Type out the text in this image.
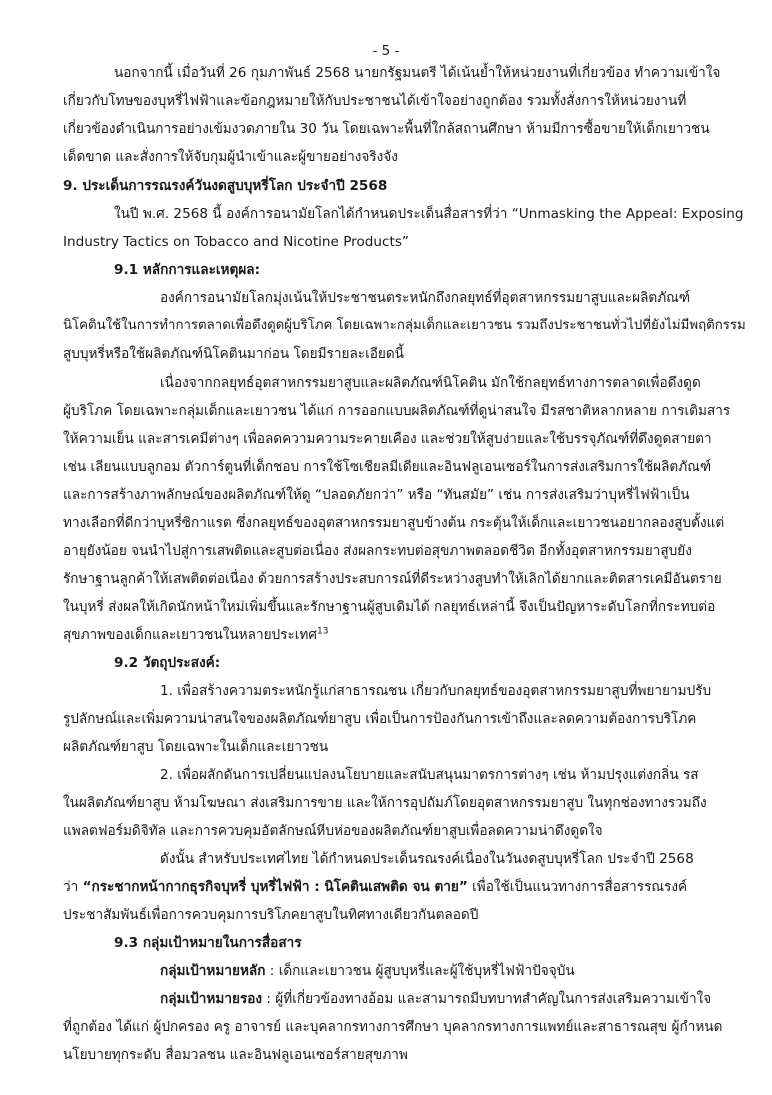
- 5 -
นอกจากนี้ เมื่อวันที่ 26 กุมภาพันธ์ 2568 นายกรัฐมนตรี ได้เน้นย้ำให้หน่วยงานที่เกี่ยวข้อง ทำความเข้าใจ
เกี่ยวกับโทษของบุหรี่ไฟฟ้าและข้อกฎหมายให้กับประชาชนได้เข้าใจอย่างถูกต้อง รวมทั้งสั่งการให้หน่วยงานที่
เกี่ยวข้องดำเนินการอย่างเข้มงวดภายใน 30 วัน โดยเฉพาะพื้นที่ใกล้สถานศึกษา ห้ามมีการซื้อขายให้เด็กเยาวชน
เด็ดขาด และสั่งการให้จับกุมผู้นำเข้าและผู้ขายอย่างจริงจัง
9. ประเด็นการรณรงค์วันงดสูบบุหรี่โลก ประจำปี 2568
ในปี พ.ศ. 2568 นี้ องค์การอนามัยโลกได้กำหนดประเด็นสื่อสารที่ว่า “Unmasking the Appeal: Exposing
Industry Tactics on Tobacco and Nicotine Products”
9.1 หลักการและเหตุผล:
องค์การอนามัยโลกมุ่งเน้นให้ประชาชนตระหนักถึงกลยุทธ์ที่อุตสาหกรรมยาสูบและผลิตภัณฑ์
นิโคตินใช้ในการทำการตลาดเพื่อดึงดูดผู้บริโภค โดยเฉพาะกลุ่มเด็กและเยาวชน รวมถึงประชาชนทั่วไปที่ยังไม่มีพฤติกรรม
สูบบุหรี่หรือใช้ผลิตภัณฑ์นิโคตินมาก่อน โดยมีรายละเอียดนี้
เนื่องจากกลยุทธ์อุตสาหกรรมยาสูบและผลิตภัณฑ์นิโคติน มักใช้กลยุทธ์ทางการตลาดเพื่อดึงดูด
ผู้บริโภค โดยเฉพาะกลุ่มเด็กและเยาวชน ได้แก่ การออกแบบผลิตภัณฑ์ที่ดูน่าสนใจ มีรสชาติหลากหลาย การเติมสาร
ให้ความเย็น และสารเคมีต่างๆ เพื่อลดความความระคายเคือง และช่วยให้สูบง่ายและใช้บรรจุภัณฑ์ที่ดึงดูดสายตา
เช่น เลียนแบบลูกอม ตัวการ์ตูนที่เด็กชอบ การใช้โซเชียลมีเดียและอินฟลูเอนเซอร์ในการส่งเสริมการใช้ผลิตภัณฑ์
และการสร้างภาพลักษณ์ของผลิตภัณฑ์ให้ดู “ปลอดภัยกว่า” หรือ “ทันสมัย” เช่น การส่งเสริมว่าบุหรี่ไฟฟ้าเป็น
ทางเลือกที่ดีกว่าบุหรี่ซิกาแรต ซึ่งกลยุทธ์ของอุตสาหกรรมยาสูบข้างต้น กระตุ้นให้เด็กและเยาวชนอยากลองสูบตั้งแต่
อายุยังน้อย จนนำไปสู่การเสพติดและสูบต่อเนื่อง ส่งผลกระทบต่อสุขภาพตลอดชีวิต อีกทั้งอุตสาหกรรมยาสูบยัง
รักษาฐานลูกค้าให้เสพติดต่อเนื่อง ด้วยการสร้างประสบการณ์ที่ดีระหว่างสูบทำให้เลิกได้ยากและติดสารเคมีอันตราย
ในบุหรี่ ส่งผลให้เกิดนักหน้าใหม่เพิ่มขึ้นและรักษาฐานผู้สูบเดิมได้ กลยุทธ์เหล่านี้ จึงเป็นปัญหาระดับโลกที่กระทบต่อ
สุขภาพของเด็กและเยาวชนในหลายประเทศ$^{13}$
9.2 วัตถุประสงค์:
1. เพื่อสร้างความตระหนักรู้แก่สาธารณชน เกี่ยวกับกลยุทธ์ของอุตสาหกรรมยาสูบที่พยายามปรับ
รูปลักษณ์และเพิ่มความน่าสนใจของผลิตภัณฑ์ยาสูบ เพื่อเป็นการป้องกันการเข้าถึงและลดความต้องการบริโภค
ผลิตภัณฑ์ยาสูบ โดยเฉพาะในเด็กและเยาวชน
2. เพื่อผลักดันการเปลี่ยนแปลงนโยบายและสนับสนุนมาตรการต่างๆ เช่น ห้ามปรุงแต่งกลิ่น รส
ในผลิตภัณฑ์ยาสูบ ห้ามโฆษณา ส่งเสริมการขาย และให้การอุปถัมภ์โดยอุตสาหกรรมยาสูบ ในทุกช่องทางรวมถึง
แพลตฟอร์มดิจิทัล และการควบคุมอัตลักษณ์หีบห่อของผลิตภัณฑ์ยาสูบเพื่อลดความน่าดึงดูดใจ
ดังนั้น สำหรับประเทศไทย ได้กำหนดประเด็นรณรงค์เนื่องในวันงดสูบบุหรี่โลก ประจำปี 2568
ว่า “กระชากหน้ากากธุรกิจบุหรี่ บุหรี่ไฟฟ้า : นิโคตินเสพติด จน ตาย” เพื่อใช้เป็นแนวทางการสื่อสารรณรงค์
ประชาสัมพันธ์เพื่อการควบคุมการบริโภคยาสูบในทิศทางเดียวกันตลอดปี
9.3 กลุ่มเป้าหมายในการสื่อสาร
กลุ่มเป้าหมายหลัก : เด็กและเยาวชน ผู้สูบบุหรี่และผู้ใช้บุหรี่ไฟฟ้าปัจจุบัน
กลุ่มเป้าหมายรอง : ผู้ที่เกี่ยวข้องทางอ้อม และสามารถมีบทบาทสำคัญในการส่งเสริมความเข้าใจ
ที่ถูกต้อง ได้แก่ ผู้ปกครอง ครู อาจารย์ และบุคลากรทางการศึกษา บุคลากรทางการแพทย์และสาธารณสุข ผู้กำหนด
นโยบายทุกระดับ สื่อมวลชน และอินฟลูเอนเซอร์สายสุขภาพ
